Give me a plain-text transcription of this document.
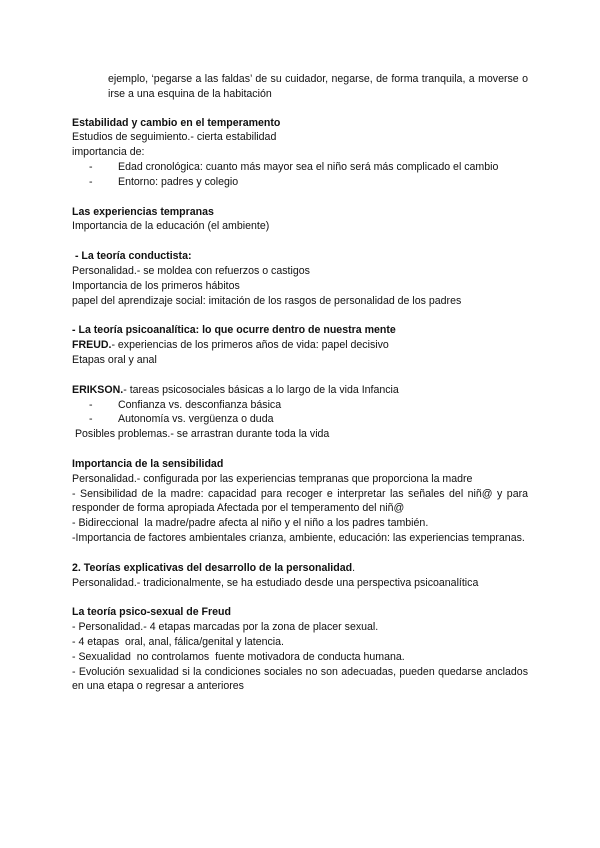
ejemplo, ‘pegarse a las faldas’ de su cuidador, negarse, de forma tranquila, a moverse o irse a una esquina de la habitación

Estabilidad y cambio en el temperamento

Estudios de seguimiento.- cierta estabilidad

importancia de:

- Edad cronológica: cuanto más mayor sea el niño será más complicado el cambio
- Entorno: padres y colegio

Las experiencias tempranas

Importancia de la educación (el ambiente)

- La teoría conductista:

Personalidad.- se moldea con refuerzos o castigos

Importancia de los primeros hábitos

papel del aprendizaje social: imitación de los rasgos de personalidad de los padres

- La teoría psicoanalítica: lo que ocurre dentro de nuestra mente

FREUD.- experiencias de los primeros años de vida: papel decisivo

Etapas oral y anal

ERIKSON.- tareas psicosociales básicas a lo largo de la vida Infancia

- Confianza vs. desconfianza básica
- Autonomía vs. vergüenza o duda

Posibles problemas.- se arrastran durante toda la vida

Importancia de la sensibilidad

Personalidad.- configurada por las experiencias tempranas que proporciona la madre

- Sensibilidad de la madre: capacidad para recoger e interpretar las señales del niñ@ y para responder de forma apropiada Afectada por el temperamento del niñ@

- Bidireccional  la madre/padre afecta al niño y el niño a los padres también.

-Importancia de factores ambientales crianza, ambiente, educación: las experiencias tempranas.

2. Teorías explicativas del desarrollo de la personalidad.

Personalidad.- tradicionalmente, se ha estudiado desde una perspectiva psicoanalítica

La teoría psico-sexual de Freud

- Personalidad.- 4 etapas marcadas por la zona de placer sexual.

- 4 etapas  oral, anal, fálica/genital y latencia.

- Sexualidad  no controlamos  fuente motivadora de conducta humana.

- Evolución sexualidad si la condiciones sociales no son adecuadas, pueden quedarse anclados en una etapa o regresar a anteriores
